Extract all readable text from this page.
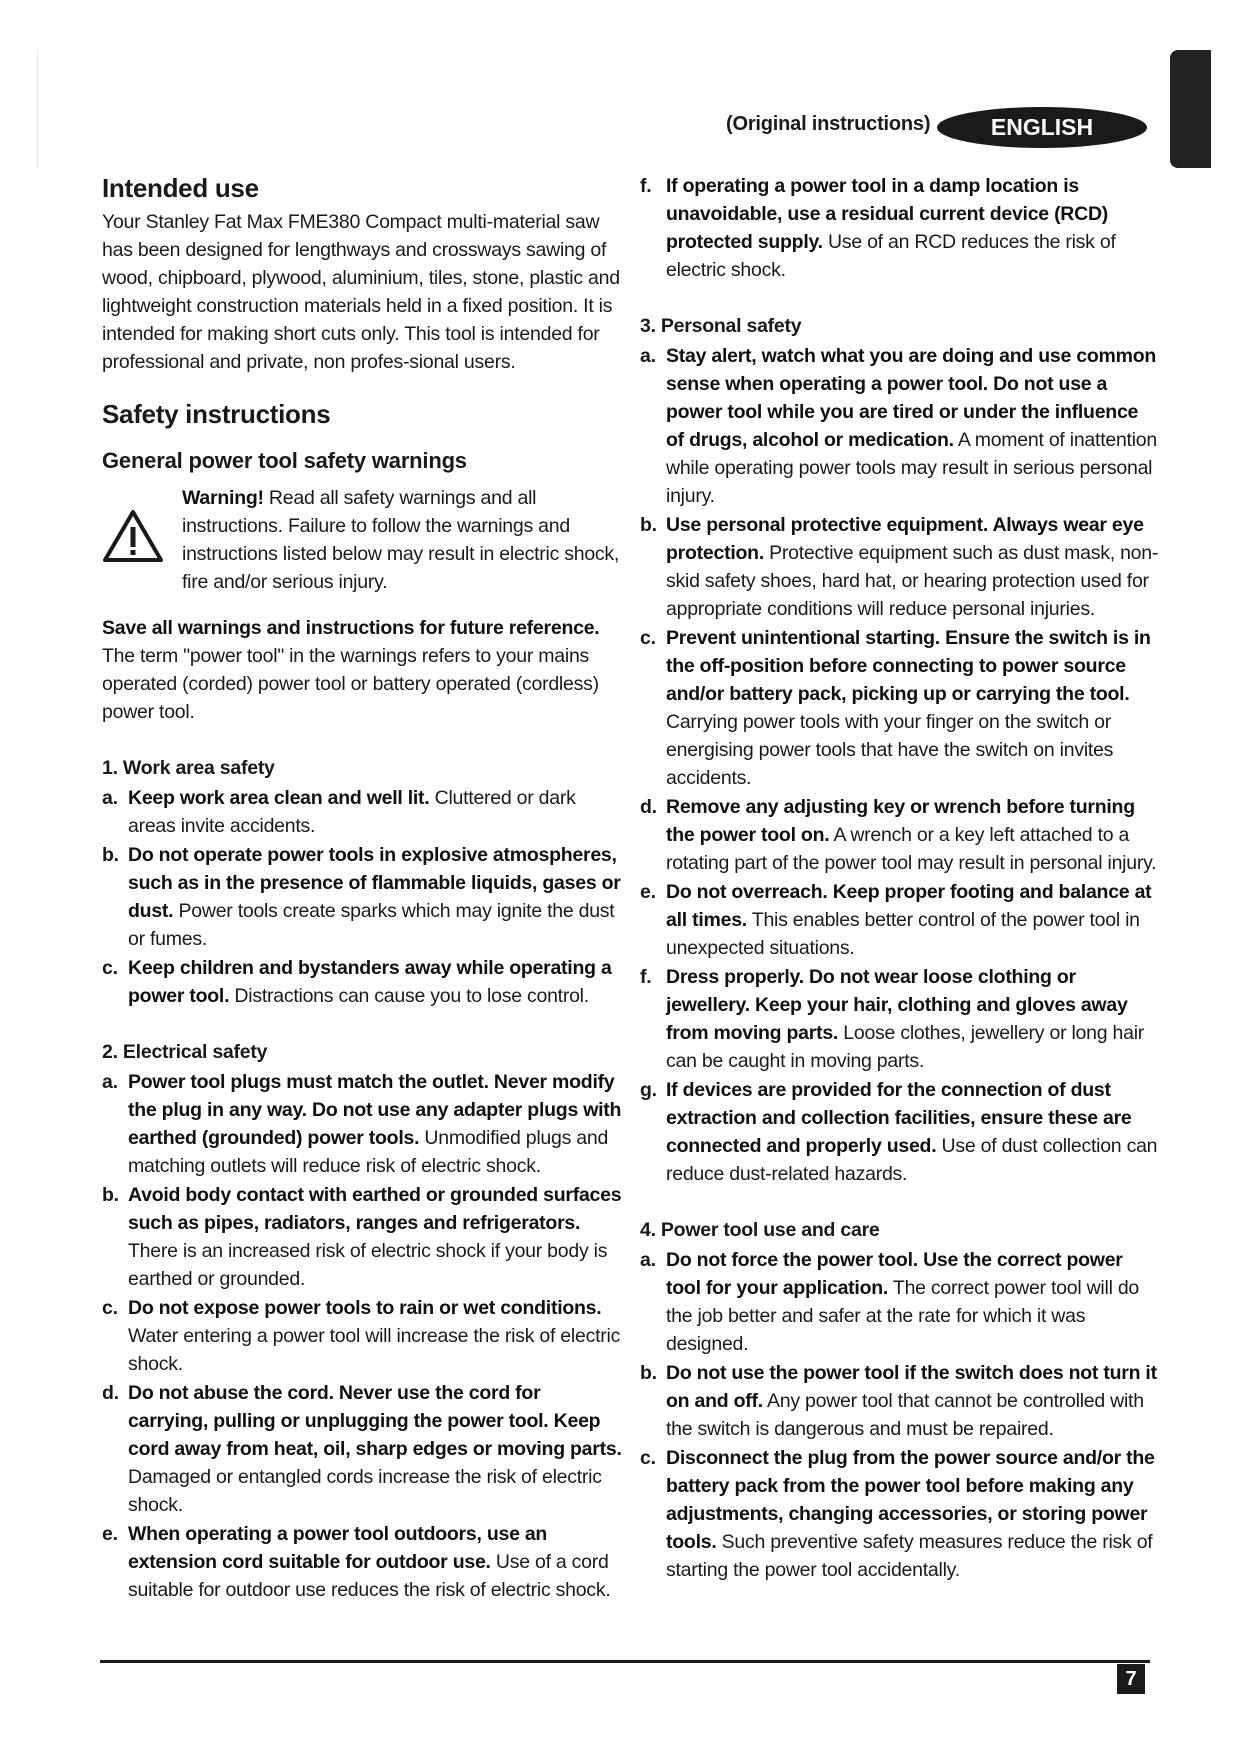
(Original instructions)	ENGLISH
Intended use

Your Stanley Fat Max FME380 Compact multi-material saw has been designed for lengthways and crossways sawing of wood, chipboard, plywood, aluminium, tiles, stone, plastic and lightweight construction materials held in a fixed position. It is intended for making short cuts only. This tool is intended for professional and private, non profes-sional users.

Safety instructions
General power tool safety warnings
Warning! Read all safety warnings and all instructions. Failure to follow the warnings and instructions listed below may result in electric shock, fire and/or serious injury.

Save all warnings and instructions for future reference.
The term "power tool" in the warnings refers to your mains operated (corded) power tool or battery operated (cordless) power tool.

1. Work area safety
a. Keep work area clean and well lit. Cluttered or dark areas invite accidents.
b. Do not operate power tools in explosive atmospheres, such as in the presence of flammable liquids, gases or dust. Power tools create sparks which may ignite the dust or fumes.
c. Keep children and bystanders away while operating a power tool. Distractions can cause you to lose control.
2. Electrical safety
a. Power tool plugs must match the outlet. Never modify the plug in any way. Do not use any adapter plugs with earthed (grounded) power tools. Unmodified plugs and matching outlets will reduce risk of electric shock.
b. Avoid body contact with earthed or grounded surfaces such as pipes, radiators, ranges and refrigerators. There is an increased risk of electric shock if your body is earthed or grounded.
c. Do not expose power tools to rain or wet conditions. Water entering a power tool will increase the risk of electric shock.
d. Do not abuse the cord. Never use the cord for carrying, pulling or unplugging the power tool. Keep cord away from heat, oil, sharp edges or moving parts. Damaged or entangled cords increase the risk of electric shock.
e. When operating a power tool outdoors, use an extension cord suitable for outdoor use. Use of a cord suitable for outdoor use reduces the risk of electric shock.
f. If operating a power tool in a damp location is unavoidable, use a residual current device (RCD) protected supply. Use of an RCD reduces the risk of electric shock.
3. Personal safety
a. Stay alert, watch what you are doing and use common sense when operating a power tool. Do not use a power tool while you are tired or under the influence of drugs, alcohol or medication. A moment of inattention while operating power tools may result in serious personal injury.
b. Use personal protective equipment. Always wear eye protection. Protective equipment such as dust mask, non-skid safety shoes, hard hat, or hearing protection used for appropriate conditions will reduce personal injuries.
c. Prevent unintentional starting. Ensure the switch is in the off-position before connecting to power source and/or battery pack, picking up or carrying the tool. Carrying power tools with your finger on the switch or energising power tools that have the switch on invites accidents.
d. Remove any adjusting key or wrench before turning the power tool on. A wrench or a key left attached to a rotating part of the power tool may result in personal injury.
e. Do not overreach. Keep proper footing and balance at all times. This enables better control of the power tool in unexpected situations.
f. Dress properly. Do not wear loose clothing or jewellery. Keep your hair, clothing and gloves away from moving parts. Loose clothes, jewellery or long hair can be caught in moving parts.
g. If devices are provided for the connection of dust extraction and collection facilities, ensure these are connected and properly used. Use of dust collection can reduce dust-related hazards.
4. Power tool use and care
a. Do not force the power tool. Use the correct power tool for your application. The correct power tool will do the job better and safer at the rate for which it was designed.
b. Do not use the power tool if the switch does not turn it on and off. Any power tool that cannot be controlled with the switch is dangerous and must be repaired.
c. Disconnect the plug from the power source and/or the battery pack from the power tool before making any adjustments, changing accessories, or storing power tools. Such preventive safety measures reduce the risk of starting the power tool accidentally.
7
